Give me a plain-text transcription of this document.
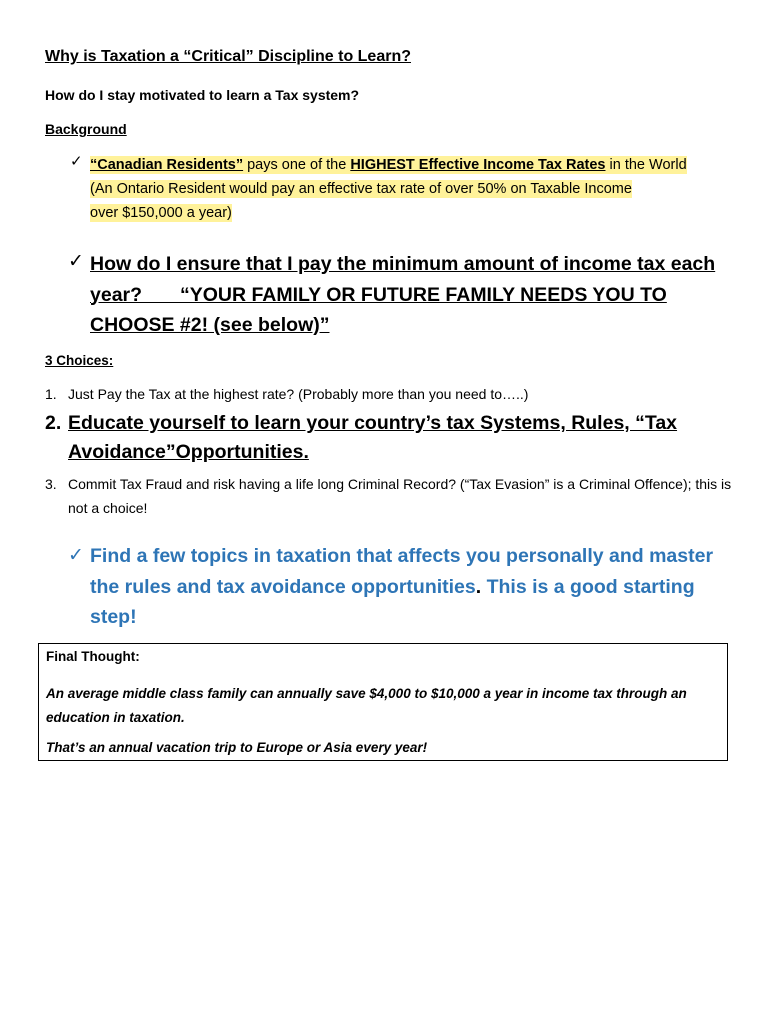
Why is Taxation a “Critical” Discipline to Learn?
How do I stay motivated to learn a Tax system?
Background
✓ “Canadian Residents” pays one of the HIGHEST Effective Income Tax Rates in the World
(An Ontario Resident would pay an effective tax rate of over 50% on Taxable Income
over $150,000 a year)
✓ How do I ensure that I pay the minimum amount of income tax each year?       “YOUR FAMILY OR FUTURE FAMILY NEEDS YOU TO CHOOSE #2! (see below)”
3 Choices:
1. Just Pay the Tax at the highest rate? (Probably more than you need to…..)
2. Educate yourself to learn your country’s tax Systems, Rules, “Tax Avoidance”Opportunities.
3. Commit Tax Fraud and risk having a life long Criminal Record? (“Tax Evasion” is a Criminal Offence); this is not a choice!
✓ Find a few topics in taxation that affects you personally and master the rules and tax avoidance opportunities. This is a good starting step!
Final Thought:
An average middle class family can annually save $4,000 to $10,000 a year in income tax through an education in taxation.
That’s an annual vacation trip to Europe or Asia every year!
